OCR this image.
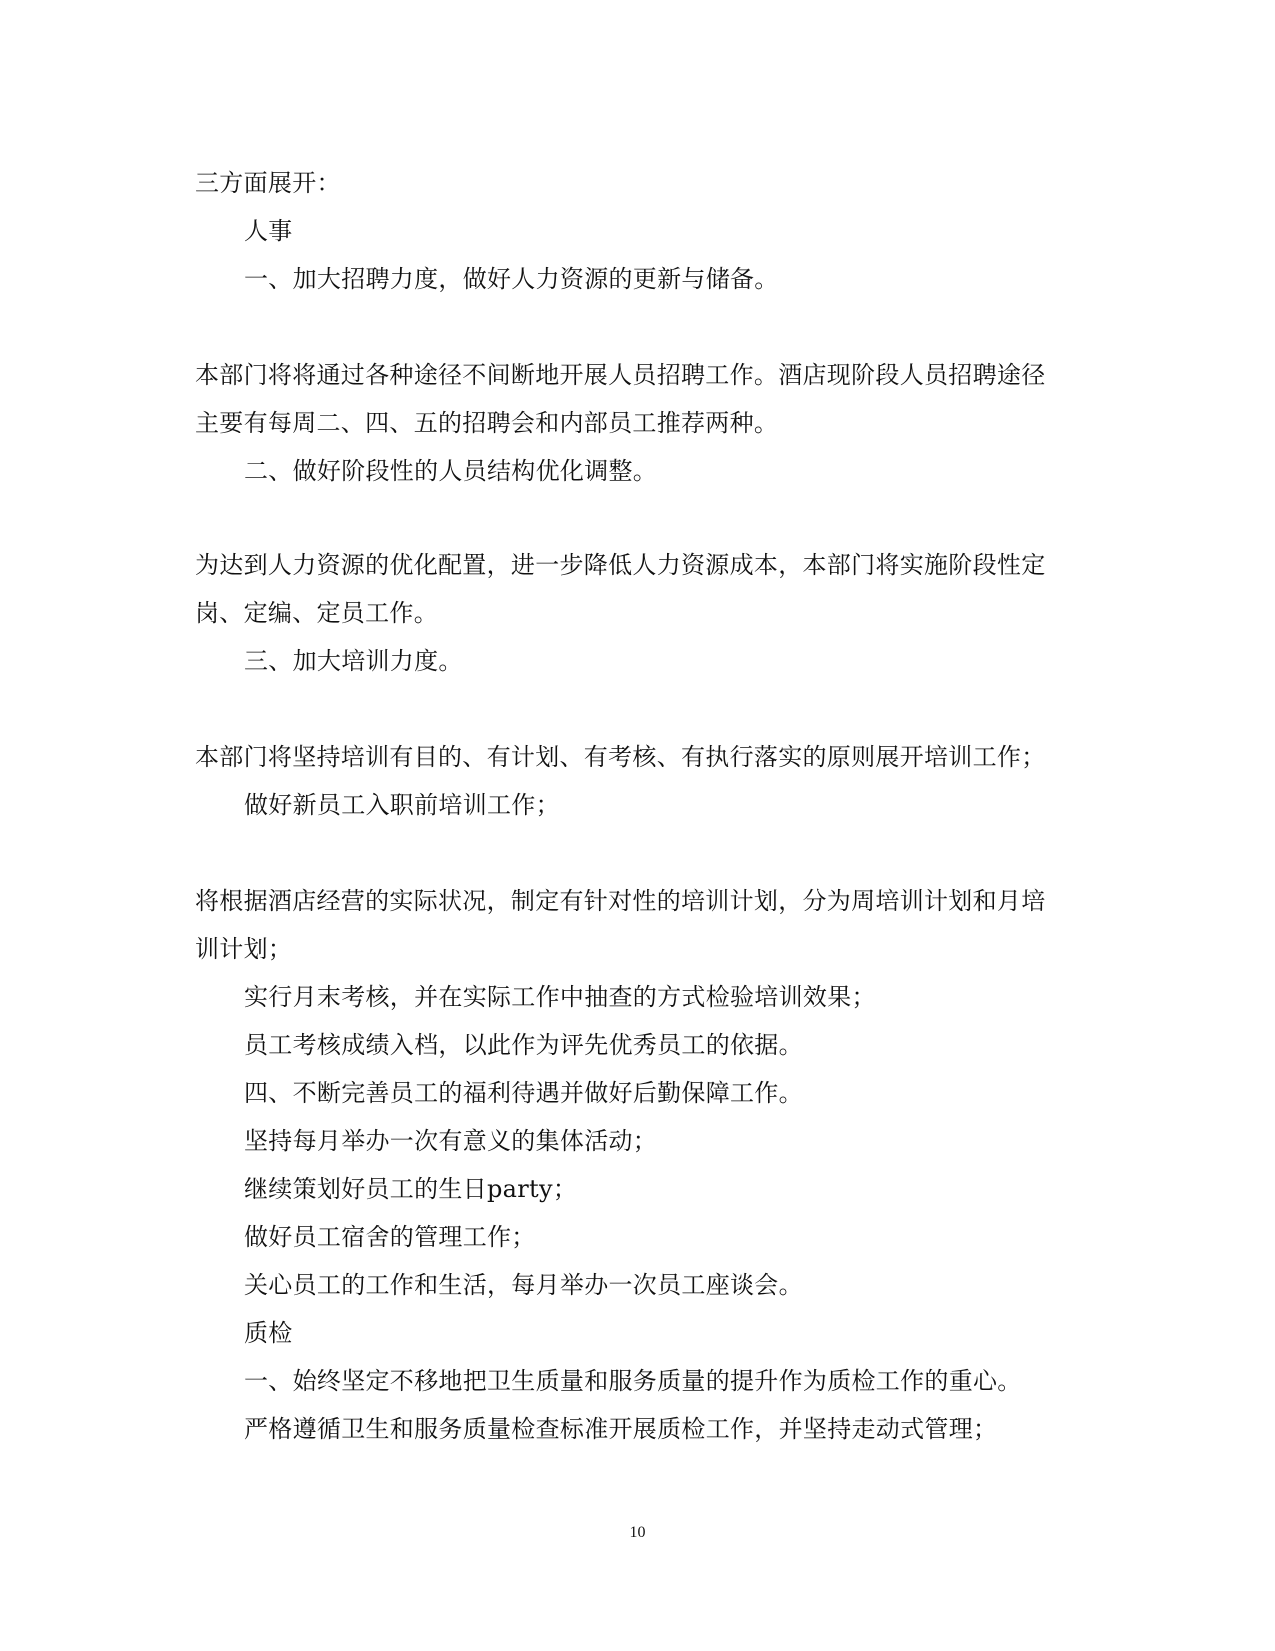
三方面展开：
人事
一、加大招聘力度，做好人力资源的更新与储备。
本部门将将通过各种途径不间断地开展人员招聘工作。酒店现阶段人员招聘途径
主要有每周二、四、五的招聘会和内部员工推荐两种。
二、做好阶段性的人员结构优化调整。
为达到人力资源的优化配置，进一步降低人力资源成本，本部门将实施阶段性定
岗、定编、定员工作。
三、加大培训力度。
本部门将坚持培训有目的、有计划、有考核、有执行落实的原则展开培训工作；
做好新员工入职前培训工作；
将根据酒店经营的实际状况，制定有针对性的培训计划，分为周培训计划和月培
训计划；
实行月末考核，并在实际工作中抽查的方式检验培训效果；
员工考核成绩入档，以此作为评先优秀员工的依据。
四、不断完善员工的福利待遇并做好后勤保障工作。
坚持每月举办一次有意义的集体活动；
继续策划好员工的生日party；
做好员工宿舍的管理工作；
关心员工的工作和生活，每月举办一次员工座谈会。
质检
一、始终坚定不移地把卫生质量和服务质量的提升作为质检工作的重心。
严格遵循卫生和服务质量检查标准开展质检工作，并坚持走动式管理；
10
